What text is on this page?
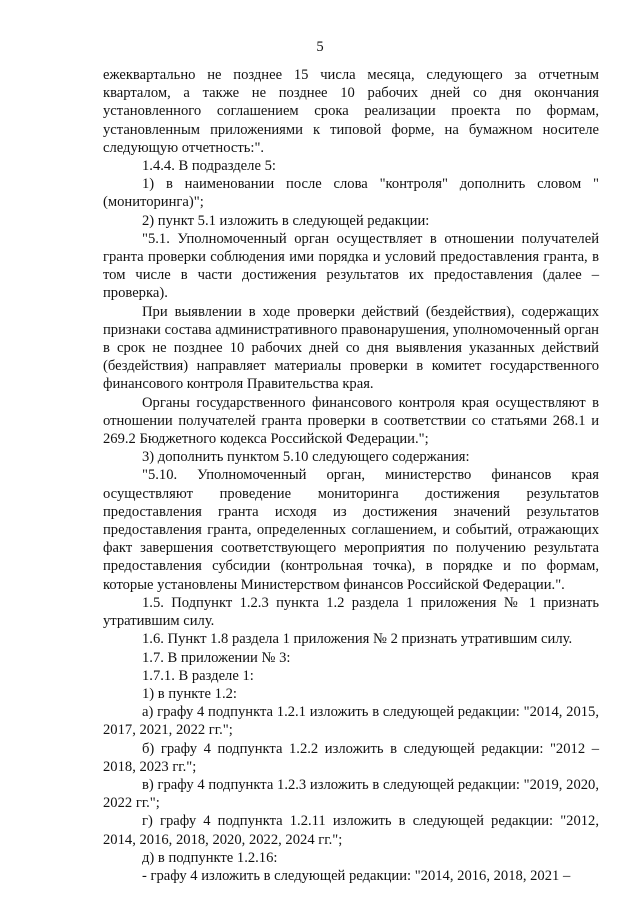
5

ежеквартально не позднее 15 числа месяца, следующего за отчетным кварталом, а также не позднее 10 рабочих дней со дня окончания установленного соглашением срока реализации проекта по формам, установленным приложениями к типовой форме, на бумажном носителе следующую отчетность:".

1.4.4. В подразделе 5:

1) в наименовании после слова "контроля" дополнить словом "(мониторинга)";

2) пункт 5.1 изложить в следующей редакции:

"5.1. Уполномоченный орган осуществляет в отношении получателей гранта проверки соблюдения ими порядка и условий предоставления гранта, в том числе в части достижения результатов их предоставления (далее – проверка).

При выявлении в ходе проверки действий (бездействия), содержащих признаки состава административного правонарушения, уполномоченный орган в срок не позднее 10 рабочих дней со дня выявления указанных действий (бездействия) направляет материалы проверки в комитет государственного финансового контроля Правительства края.

Органы государственного финансового контроля края осуществляют в отношении получателей гранта проверки в соответствии со статьями 268.1 и 269.2 Бюджетного кодекса Российской Федерации.";

3) дополнить пунктом 5.10 следующего содержания:

"5.10. Уполномоченный орган, министерство финансов края осуществляют проведение мониторинга достижения результатов предоставления гранта исходя из достижения значений результатов предоставления гранта, определенных соглашением, и событий, отражающих факт завершения соответствующего мероприятия по получению результата предоставления субсидии (контрольная точка), в порядке и по формам, которые установлены Министерством финансов Российской Федерации.".

1.5. Подпункт 1.2.3 пункта 1.2 раздела 1 приложения № 1 признать утратившим силу.

1.6. Пункт 1.8 раздела 1 приложения № 2 признать утратившим силу.

1.7. В приложении № 3:

1.7.1. В разделе 1:

1) в пункте 1.2:

а) графу 4 подпункта 1.2.1 изложить в следующей редакции: "2014, 2015, 2017, 2021, 2022 гг.";

б) графу 4 подпункта 1.2.2 изложить в следующей редакции: "2012 – 2018, 2023 гг.";

в) графу 4 подпункта 1.2.3 изложить в следующей редакции: "2019, 2020, 2022 гг.";

г) графу 4 подпункта 1.2.11 изложить в следующей редакции: "2012, 2014, 2016, 2018, 2020, 2022, 2024 гг.";

д) в подпункте 1.2.16:

- графу 4 изложить в следующей редакции: "2014, 2016, 2018, 2021 –
